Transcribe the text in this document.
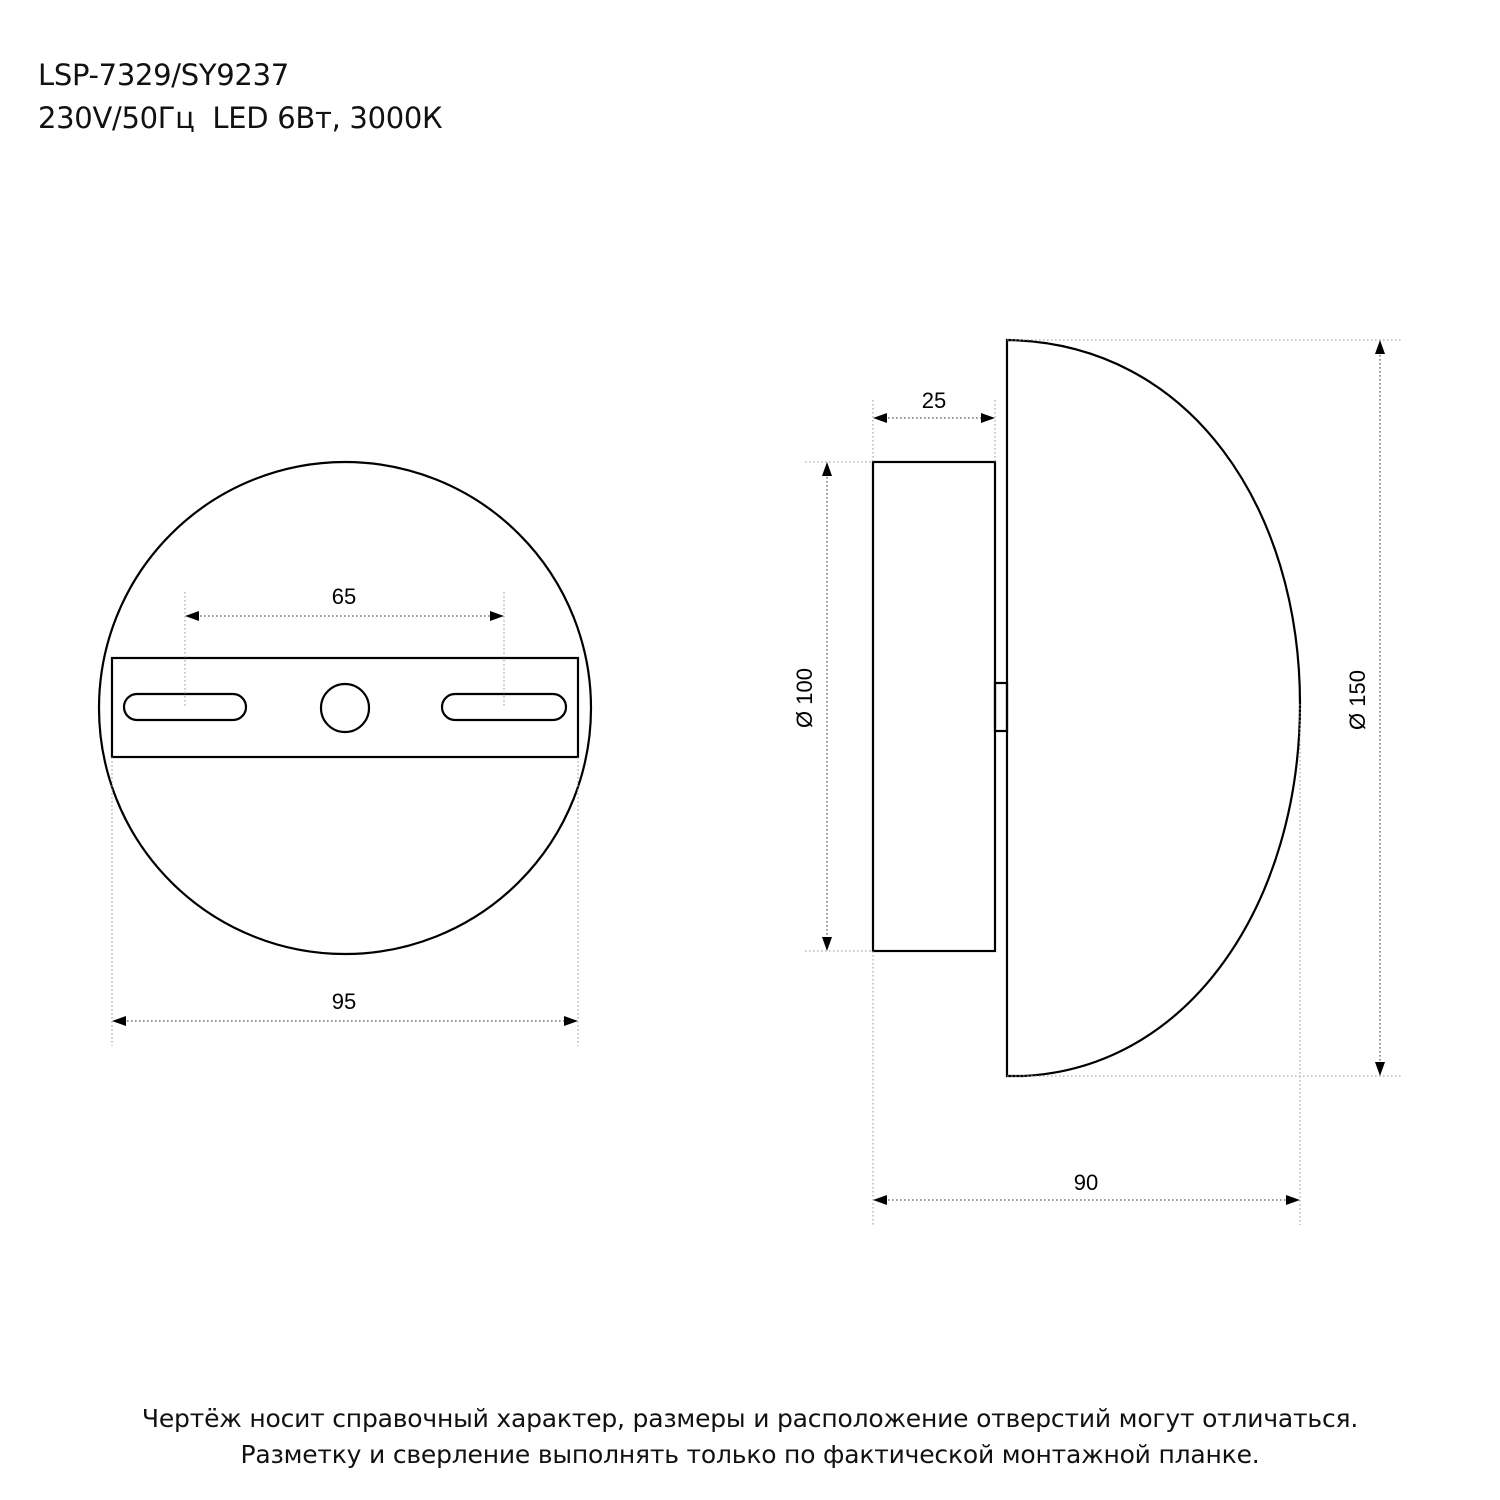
LSP-7329/SY9237
230V/50Гц  LED 6Вт, 3000К
65
95
25
Ø 100	Ø 150
90
Чертёж носит справочный характер, размеры и расположение отверстий могут отличаться.
Разметку и сверление выполнять только по фактической монтажной планке.
